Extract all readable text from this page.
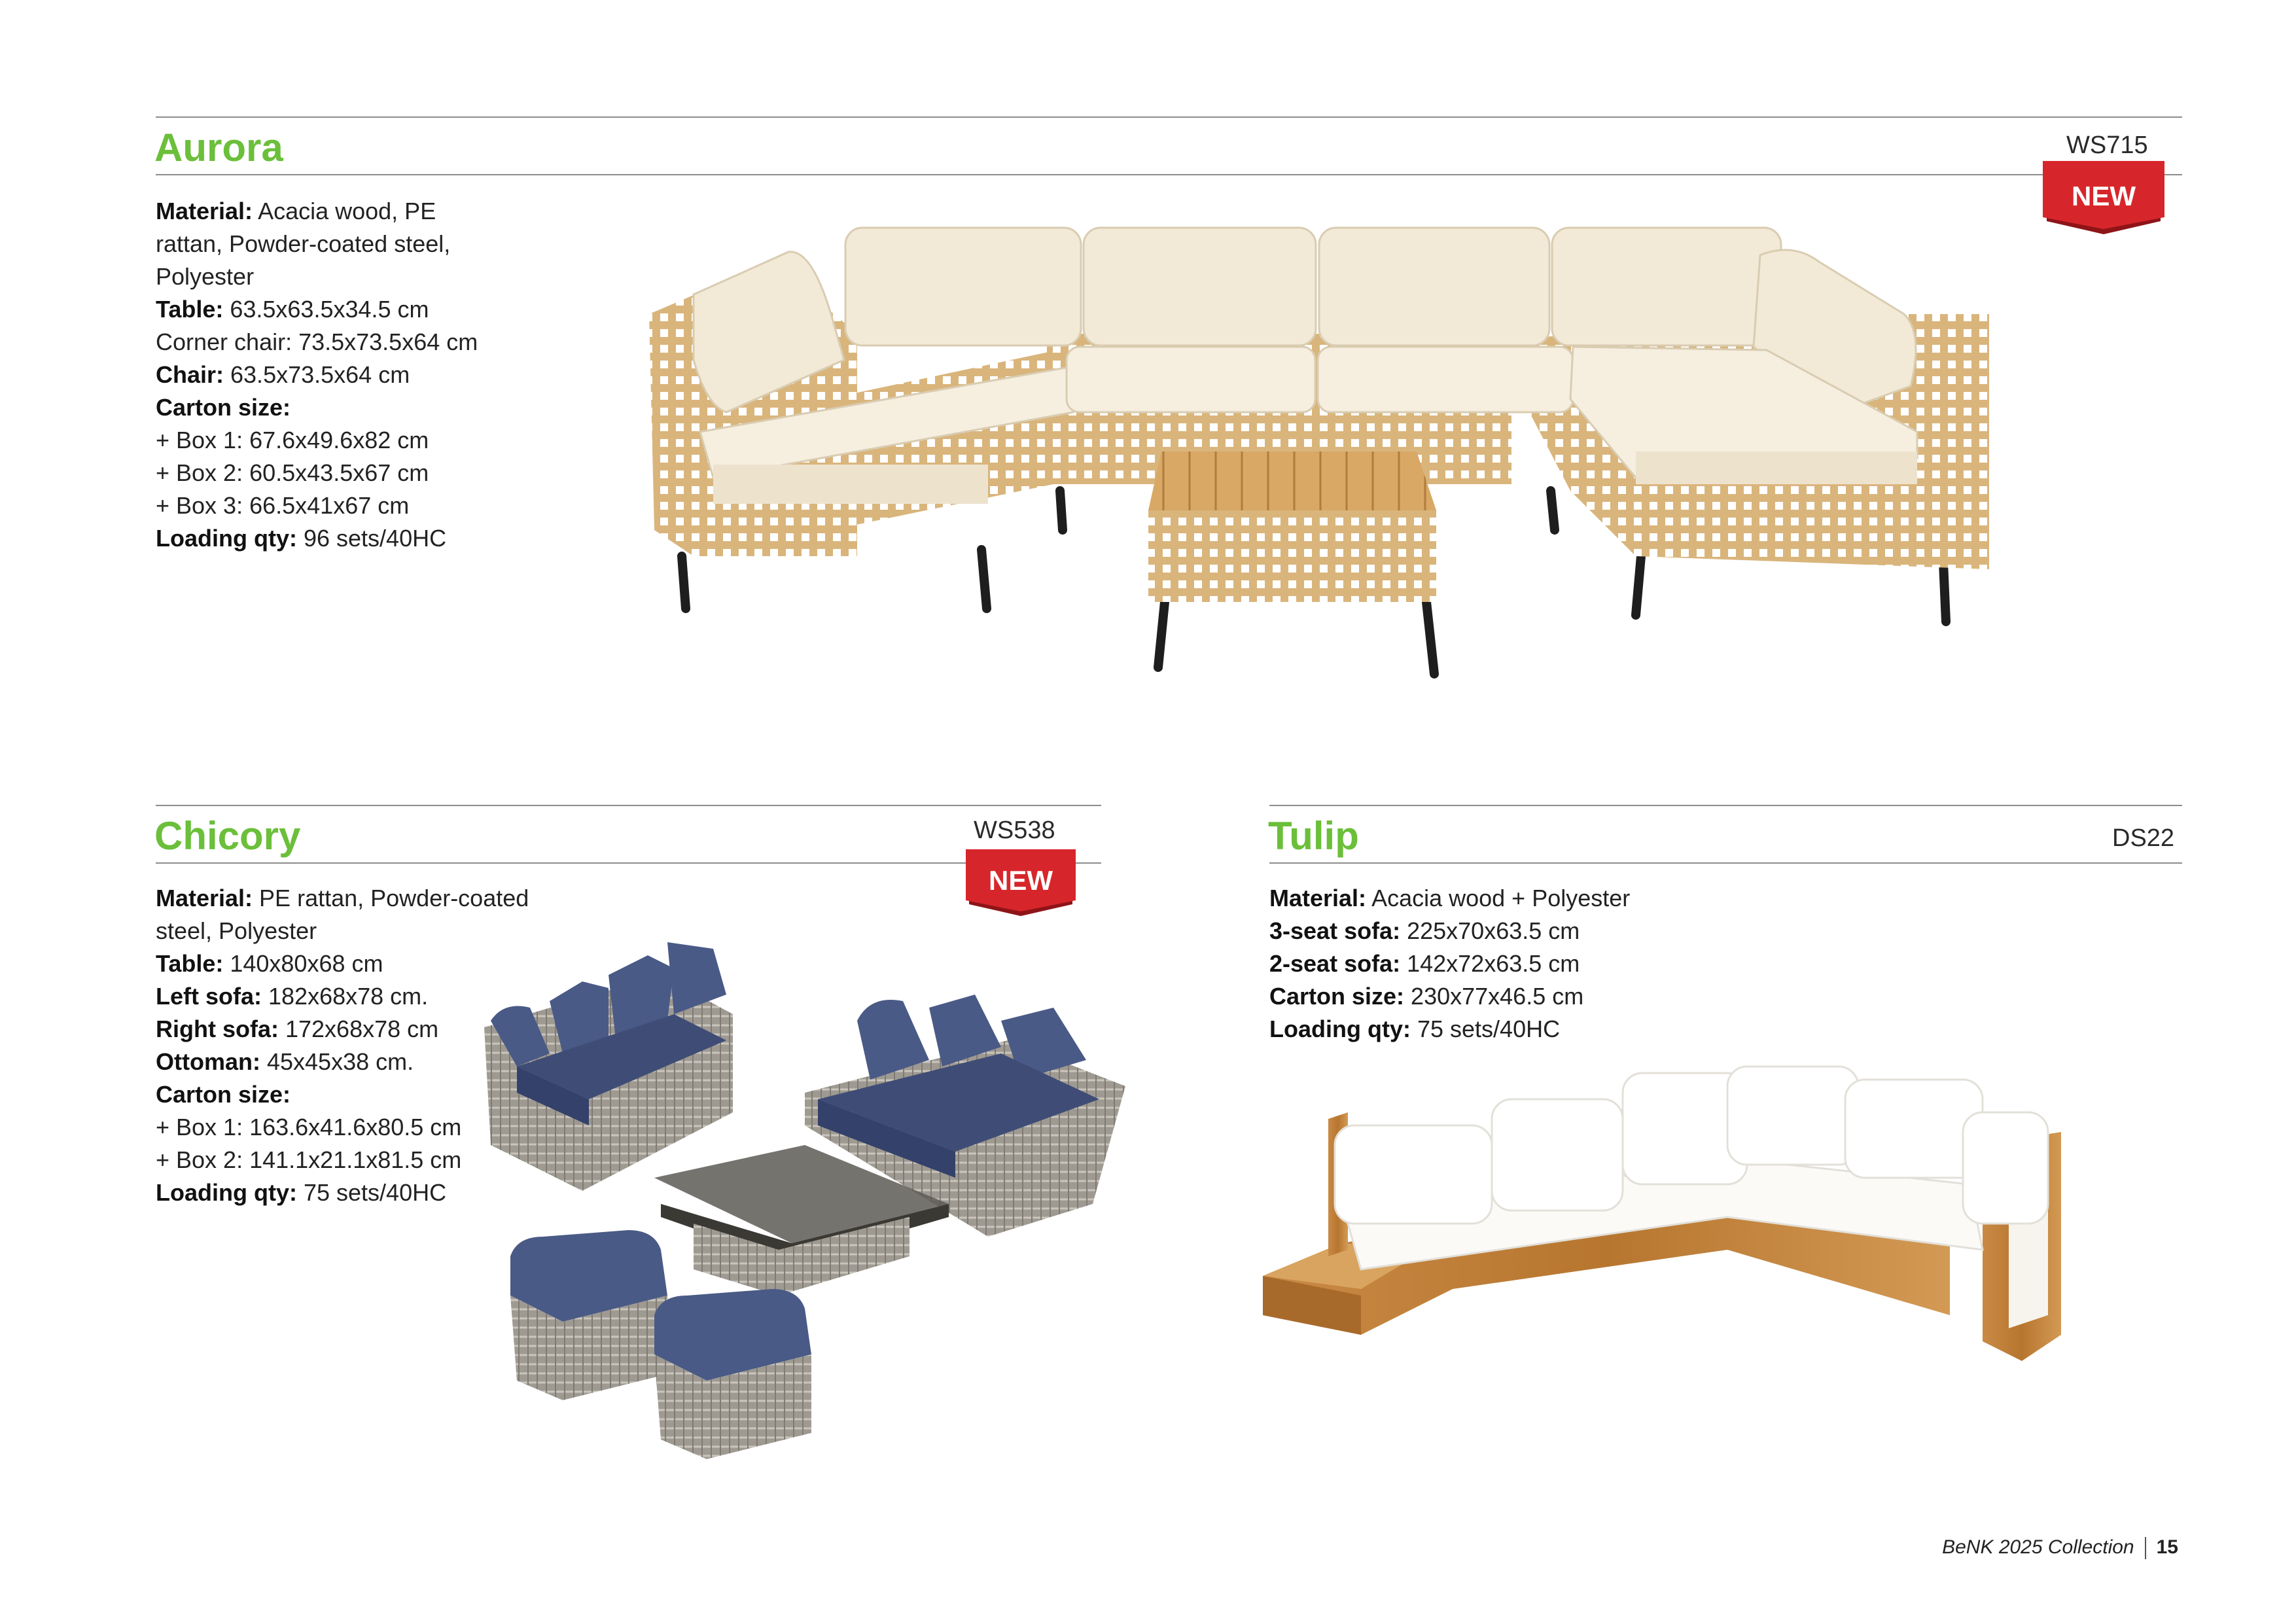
Aurora	WS715
NEW
Material: Acacia wood, PE
rattan, Powder-coated steel,
Polyester
Table: 63.5x63.5x34.5 cm
Corner chair: 73.5x73.5x64 cm
Chair: 63.5x73.5x64 cm
Carton size:
+ Box 1: 67.6x49.6x82 cm
+ Box 2: 60.5x43.5x67 cm
+ Box 3: 66.5x41x67 cm
Loading qty: 96 sets/40HC
Chicory	WS538
NEW
Material: PE rattan, Powder-coated
steel, Polyester
Table: 140x80x68 cm
Left sofa: 182x68x78 cm.
Right sofa: 172x68x78 cm
Ottoman: 45x45x38 cm.
Carton size:
+ Box 1: 163.6x41.6x80.5 cm
+ Box 2: 141.1x21.1x81.5 cm
Loading qty: 75 sets/40HC
Tulip	DS22
Material: Acacia wood + Polyester
3-seat sofa: 225x70x63.5 cm
2-seat sofa: 142x72x63.5 cm
Carton size: 230x77x46.5 cm
Loading qty: 75 sets/40HC
BeNK 2025 Collection 15
